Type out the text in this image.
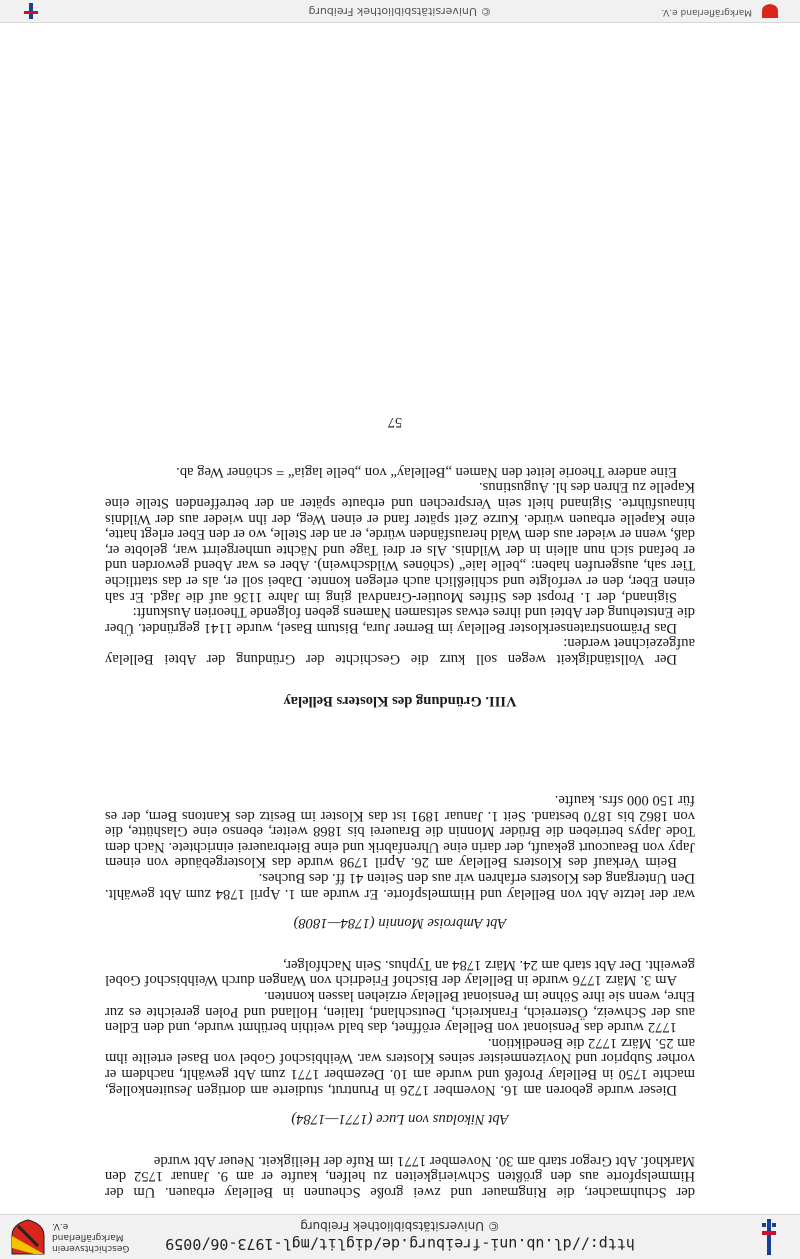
http://dl.ub.uni-freiburg.de/diglit/mgl-1973-06/0059
© Universitätsbibliothek Freiburg
Geschichtsverein Markgräflerland e.V.

der Schuhmacher, die Ringmauer und zwei große Scheunen in Bellelay erbauen. Um der Himmelspforte aus den größten Schwierigkeiten zu helfen, kaufte er am 9. Januar 1752 den Markhof. Abt Gregor starb am 30. November 1771 im Rufe der Heiligkeit. Neuer Abt wurde

Abt Nikolaus von Luce (1771—1784)

Dieser wurde geboren am 16. November 1726 in Pruntrut, studierte am dortigen Jesuitenkolleg, machte 1750 in Bellelay Profeß und wurde am 10. Dezember 1771 zum Abt gewählt, nachdem er vorher Subprior und Novizenmeister seines Klosters war. Weihbischof Gobel von Basel erteilte ihm am 25. März 1772 die Benediktion.

1772 wurde das Pensionat von Bellelay eröffnet, das bald weithin berühmt wurde, und den Edlen aus der Schweiz, Österreich, Frankreich, Deutschland, Italien, Holland und Polen gereichte es zur Ehre, wenn sie ihre Söhne im Pensionat Bellelay erziehen lassen konnten.

Am 3. März 1776 wurde in Bellelay der Bischof Friedrich von Wangen durch Weihbischof Gobel geweiht. Der Abt starb am 24. März 1784 an Typhus. Sein Nachfolger,

Abt Ambroise Monnin (1784—1808)

war der letzte Abt von Bellelay und Himmelspforte. Er wurde am 1. April 1784 zum Abt gewählt. Den Untergang des Klosters erfahren wir aus den Seiten 41 ff. des Buches.

Beim Verkauf des Klosters Bellelay am 26. April 1798 wurde das Klostergebäude von einem Japy von Beaucourt gekauft, der darin eine Uhrenfabrik und eine Bierbrauerei einrichtete. Nach dem Tode Japys betrieben die Brüder Monnin die Brauerei bis 1868 weiter, ebenso eine Glashütte, die von 1862 bis 1870 bestand. Seit 1. Januar 1891 ist das Kloster im Besitz des Kantons Bern, der es für 150 000 sfrs. kaufte.

VIII. Gründung des Klosters Bellelay

Der Vollständigkeit wegen soll kurz die Geschichte der Gründung der Abtei Bellelay aufgezeichnet werden:

Das Prämonstratenserkloster Bellelay im Berner Jura, Bistum Basel, wurde 1141 gegründet. Über die Entstehung der Abtei und ihres etwas seltsamen Namens geben folgende Theorien Auskunft:

Siginand, der 1. Propst des Stiftes Moutier-Grandval ging im Jahre 1136 auf die Jagd. Er sah einen Eber, den er verfolgte und schließlich auch erlegen konnte. Dabei soll er, als er das stattliche Tier sah, ausgerufen haben: „belle laie“ (schönes Wildschwein). Aber es war Abend geworden und er befand sich nun allein in der Wildnis. Als er drei Tage und Nächte umhergeirrt war, gelobte er, daß, wenn er wieder aus dem Wald herausfänden würde, er an der Stelle, wo er den Eber erlegt hatte, eine Kapelle erbauen würde. Kurze Zeit später fand er einen Weg, der ihn wieder aus der Wildnis hinausführte. Siginand hielt sein Versprechen und erbaute später an der betreffenden Stelle eine Kapelle zu Ehren des hl. Augustinus.

Eine andere Theorie leitet den Namen „Bellelay“ von „belle lagia“ = schöner Weg ab.

57

Markgräflerland e.V.
© Universitätsbibliothek Freiburg
